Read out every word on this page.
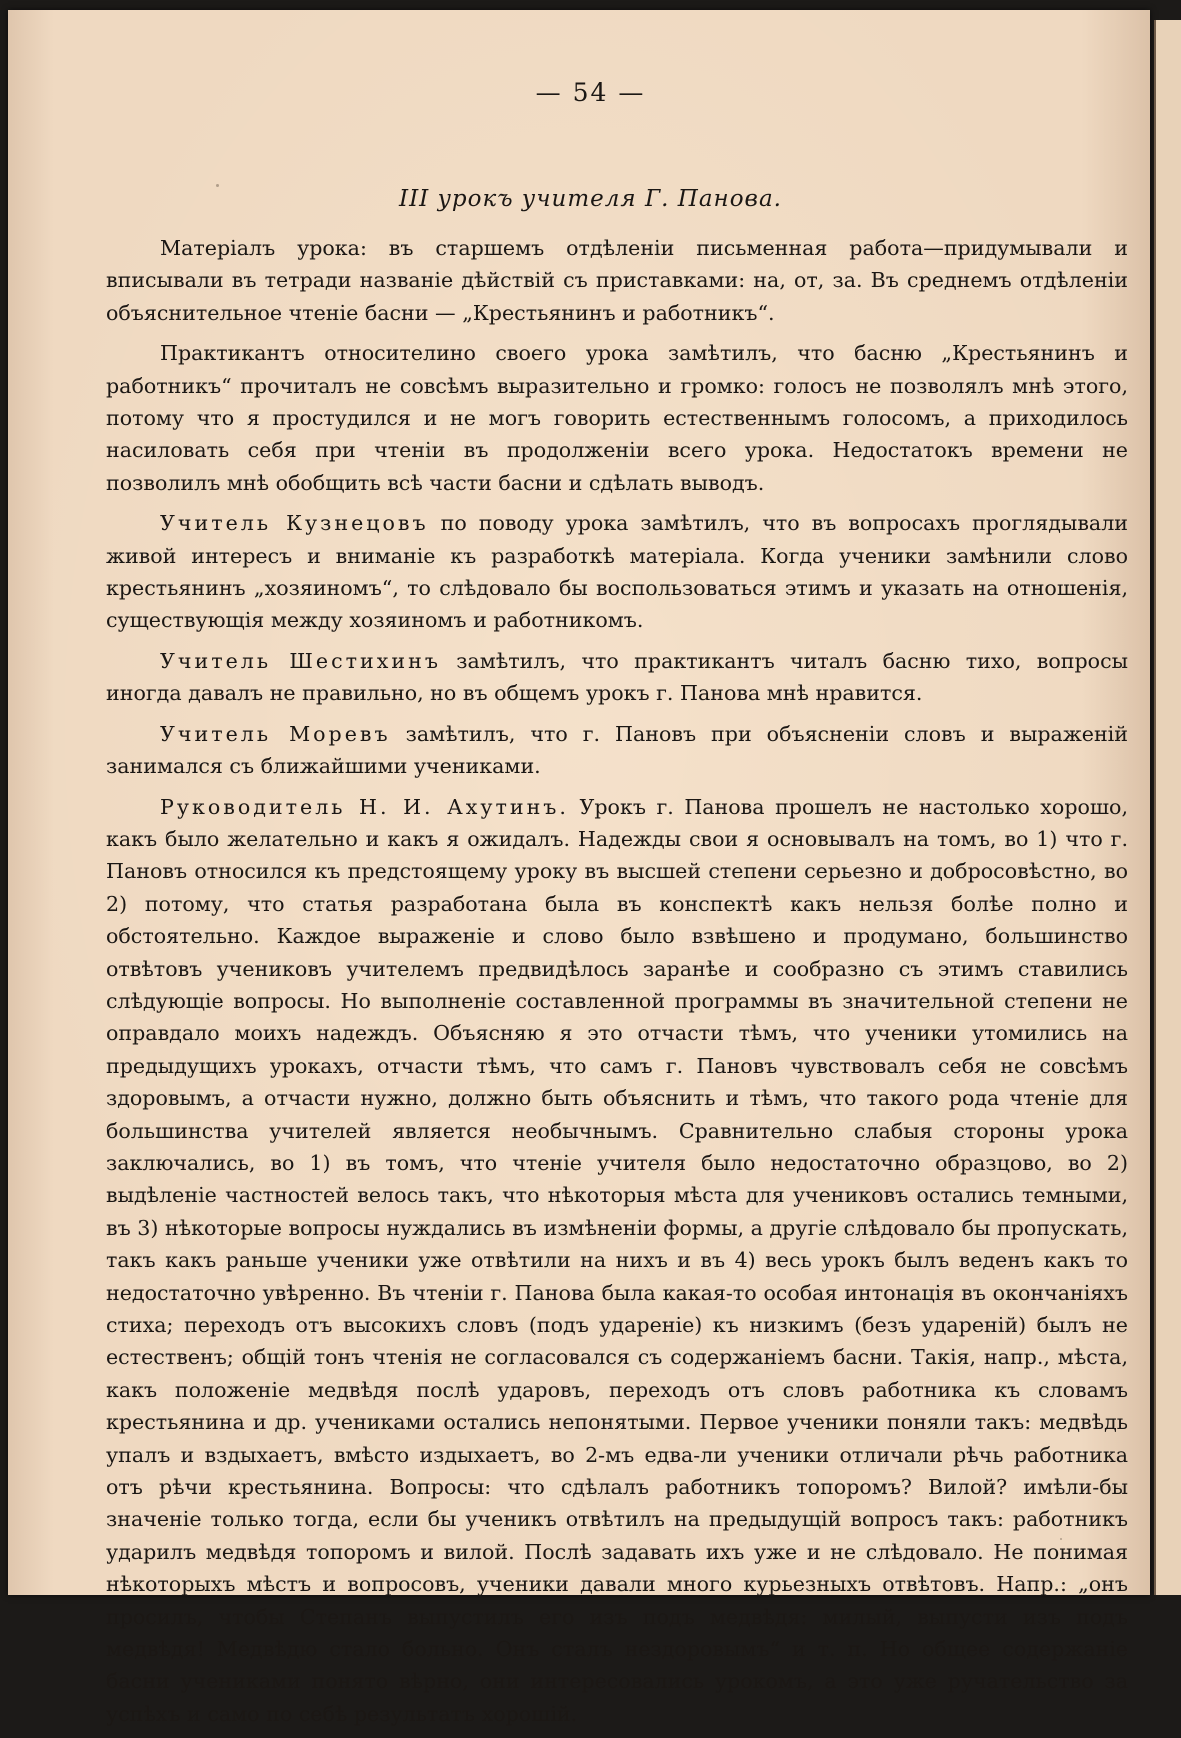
— 54 —
III урокъ учителя Г. Панова.

Матеріалъ урока: въ старшемъ отдѣленіи письменная работа—придумывали и вписывали въ тетради названіе дѣйствій съ приставками: на, от, за. Въ среднемъ отдѣленіи объяснительное чтеніе басни — „Крестьянинъ и работникъ“.

Практикантъ относителино своего урока замѣтилъ, что басню „Крестьянинъ и работникъ“ прочиталъ не совсѣмъ выразительно и громко: голосъ не позволялъ мнѣ этого, потому что я простудился и не могъ говорить естественнымъ голосомъ, а приходилось насиловать себя при чтеніи въ продолженіи всего урока. Недостатокъ времени не позволилъ мнѣ обобщить всѣ части басни и сдѣлать выводъ.

Учитель Кузнецовъ по поводу урока замѣтилъ, что въ вопросахъ проглядывали живой интересъ и вниманіе къ разработкѣ матеріала. Когда ученики замѣнили слово крестьянинъ „хозяиномъ“, то слѣдовало бы воспользоваться этимъ и указать на отношенія, существующія между хозяиномъ и работникомъ.

Учитель Шестихинъ замѣтилъ, что практикантъ читалъ басню тихо, вопросы иногда давалъ не правильно, но въ общемъ урокъ г. Панова мнѣ нравится.

Учитель Моревъ замѣтилъ, что г. Пановъ при объясненіи словъ и выраженій занимался съ ближайшими учениками.

Руководитель Н. И. Ахутинъ. Урокъ г. Панова прошелъ не настолько хорошо, какъ было желательно и какъ я ожидалъ. Надежды свои я основывалъ на томъ, во 1) что г. Пановъ относился къ предстоящему уроку въ высшей степени серьезно и добросовѣстно, во 2) потому, что статья разработана была въ конспектѣ какъ нельзя болѣе полно и обстоятельно. Каждое выраженіе и слово было взвѣшено и продумано, большинство отвѣтовъ учениковъ учителемъ предвидѣлось заранѣе и сообразно съ этимъ ставились слѣдующіе вопросы. Но выполненіе составленной программы въ значительной степени не оправдало моихъ надеждъ. Объясняю я это отчасти тѣмъ, что ученики утомились на предыдущихъ урокахъ, отчасти тѣмъ, что самъ г. Пановъ чувствовалъ себя не совсѣмъ здоровымъ, а отчасти нужно, должно быть объяснить и тѣмъ, что такого рода чтеніе для большинства учителей является необычнымъ. Сравнительно слабыя стороны урока заключались, во 1) въ томъ, что чтеніе учителя было недостаточно образцово, во 2) выдѣленіе частностей велось такъ, что нѣкоторыя мѣста для учениковъ остались темными, въ 3) нѣкоторые вопросы нуждались въ измѣненіи формы, а другіе слѣдовало бы пропускать, такъ какъ раньше ученики уже отвѣтили на нихъ и въ 4) весь урокъ былъ веденъ какъ то недостаточно увѣренно. Въ чтеніи г. Панова была какая-то особая интонація въ окончаніяхъ стиха; переходъ отъ высокихъ словъ (подъ удареніе) къ низкимъ (безъ удареній) былъ не естественъ; общій тонъ чтенія не согласовался съ содержаніемъ басни. Такія, напр., мѣста, какъ положеніе медвѣдя послѣ ударовъ, переходъ отъ словъ работника къ словамъ крестьянина и др. учениками остались непонятыми. Первое ученики поняли такъ: медвѣдь упалъ и вздыхаетъ, вмѣсто издыхаетъ, во 2-мъ едва-ли ученики отличали рѣчь работника отъ рѣчи крестьянина. Вопросы: что сдѣлалъ работникъ топоромъ? Вилой? имѣли-бы значеніе только тогда, если бы ученикъ отвѣтилъ на предыдущій вопросъ такъ: работникъ ударилъ медвѣдя топоромъ и вилой. Послѣ задавать ихъ уже и не слѣдовало. Не понимая нѣкоторыхъ мѣстъ и вопросовъ, ученики давали много курьезныхъ отвѣтовъ. Напр.: „онъ просилъ, чтобы Степанъ выпустилъ его изъ подъ медвѣдя: милый, выпусти изъ подъ медвѣдя! Медвѣдю стало больно. Онъ сталъ нездоровымъ“ и т. п. Но общее содержаніе басни учениками понято вѣрно, они интересовались урокомъ, а это уже ручательство за успѣхъ и само по себѣ результатъ хорошій.
